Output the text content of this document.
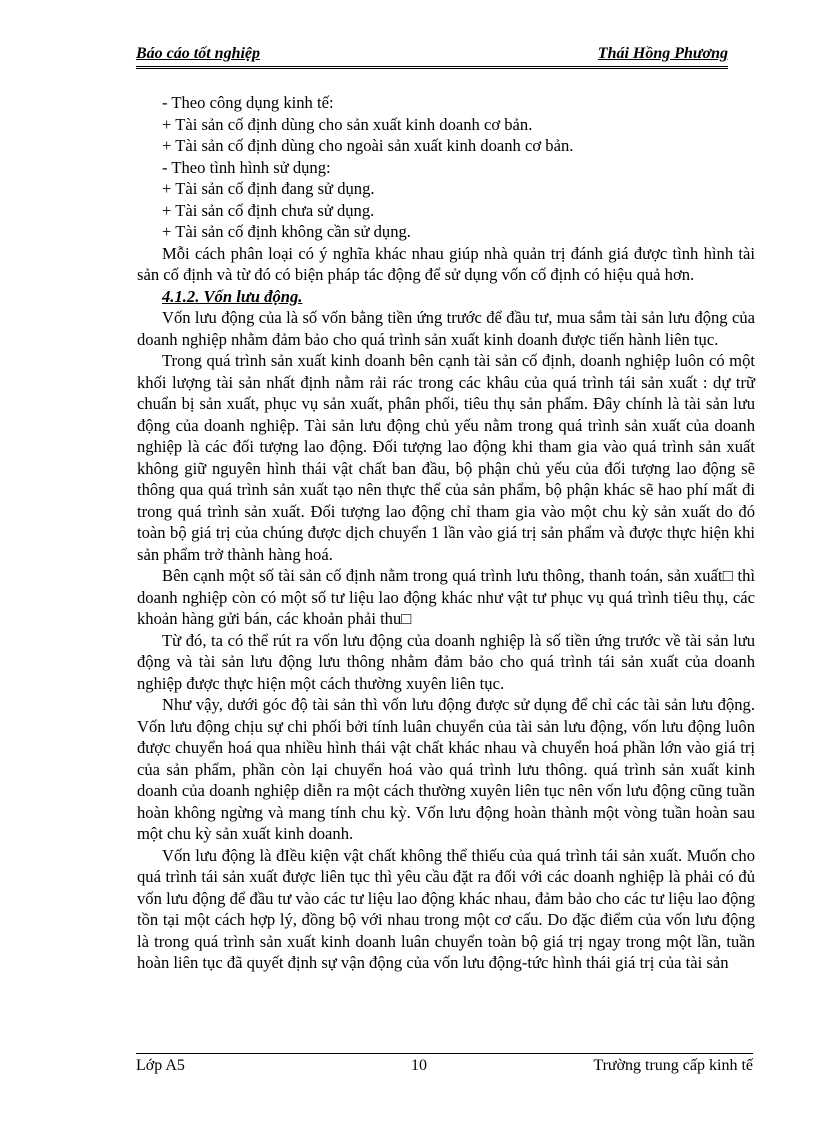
Báo cáo tốt nghiệp	Thái Hồng Phương

- Theo công dụng kinh tế:

+ Tài sản cố định dùng cho sản xuất kinh doanh cơ bản.

+ Tài sản cố định dùng cho ngoài sản xuất kinh doanh cơ bản.

- Theo tình hình sử dụng:

+ Tài sản cố định đang sử dụng.

+ Tài sản cố định chưa sử dụng.

+ Tài sản cố định không cần sử dụng.

Mỗi cách phân loại có ý nghĩa khác nhau giúp nhà quản trị đánh giá được tình hình tài sản cố định và từ đó có biện pháp tác động để sử dụng vốn cố định có hiệu quả hơn.

4.1.2. Vốn lưu động.

Vốn lưu động của là số vốn bằng tiền ứng trước để đầu tư, mua sắm tài sản lưu động của doanh nghiệp nhằm đảm bảo cho quá trình sản xuất kinh doanh được tiến hành liên tục.

Trong quá trình sản xuất kinh doanh bên cạnh tài sản cố định, doanh nghiệp luôn có một khối lượng tài sản nhất định nằm rải rác trong các khâu của quá trình tái sản xuất : dự trữ chuẩn bị sản xuất, phục vụ sản xuất, phân phối, tiêu thụ sản phẩm. Đây chính là tài sản lưu động của doanh nghiệp. Tài sản lưu động chủ yếu nằm trong quá trình sản xuất của doanh nghiệp là các đối tượng lao động. Đối tượng lao động khi tham gia vào quá trình sản xuất không giữ nguyên hình thái vật chất ban đầu, bộ phận chủ yếu của đối tượng lao động sẽ thông qua quá trình sản xuất tạo nên thực thể của sản phẩm, bộ phận khác sẽ hao phí mất đi trong quá trình sản xuất. Đối tượng lao động chỉ tham gia vào một chu kỳ sản xuất do đó toàn bộ giá trị của chúng được dịch chuyển 1 lần vào giá trị sản phẩm và được thực hiện khi sản phẩm trở thành hàng hoá.

Bên cạnh một số tài sản cố định nằm trong quá trình lưu thông, thanh toán, sản xuất□ thì doanh nghiệp còn có một số tư liệu lao động khác như vật tư phục vụ quá trình tiêu thụ, các khoản hàng gửi bán, các khoản phải thu□

Từ đó, ta có thể rút ra vốn lưu động của doanh nghiệp là số tiền ứng trước về tài sản lưu động và tài sản lưu động lưu thông nhằm đảm bảo cho quá trình tái sản xuất của doanh nghiệp được thực hiện một cách thường xuyên liên tục.

Như vậy, dưới góc độ tài sản thì vốn lưu động được sử dụng để chỉ các tài sản lưu động. Vốn lưu động chịu sự chi phối bởi tính luân chuyển của tài sản lưu động, vốn lưu động luôn được chuyển hoá qua nhiều hình thái vật chất khác nhau và chuyển hoá phần lớn vào giá trị của sản phẩm, phần còn lại chuyển hoá vào quá trình lưu thông. quá trình sản xuất kinh doanh của doanh nghiệp diễn ra một cách thường xuyên liên tục nên vốn lưu động cũng tuần hoàn không ngừng và mang tính chu kỳ. Vốn lưu động hoàn thành một vòng tuần hoàn sau một chu kỳ sản xuất kinh doanh.

Vốn lưu động là đIều kiện vật chất không thể thiếu của quá trình tái sản xuất. Muốn cho quá trình tái sản xuất được liên tục thì yêu cầu đặt ra đối với các doanh nghiệp là phải có đủ vốn lưu động để đầu tư vào các tư liệu lao động khác nhau, đảm bảo cho các tư liệu lao động tồn tại một cách hợp lý, đồng bộ với nhau trong một cơ cấu. Do đặc điểm của vốn lưu động là trong quá trình sản xuất kinh doanh luân chuyển toàn bộ giá trị ngay trong một lần, tuần hoàn liên tục đã quyết định sự vận động của vốn lưu động-tức hình thái giá trị của tài sản

Lớp A5	10	Trường trung cấp kinh tế
